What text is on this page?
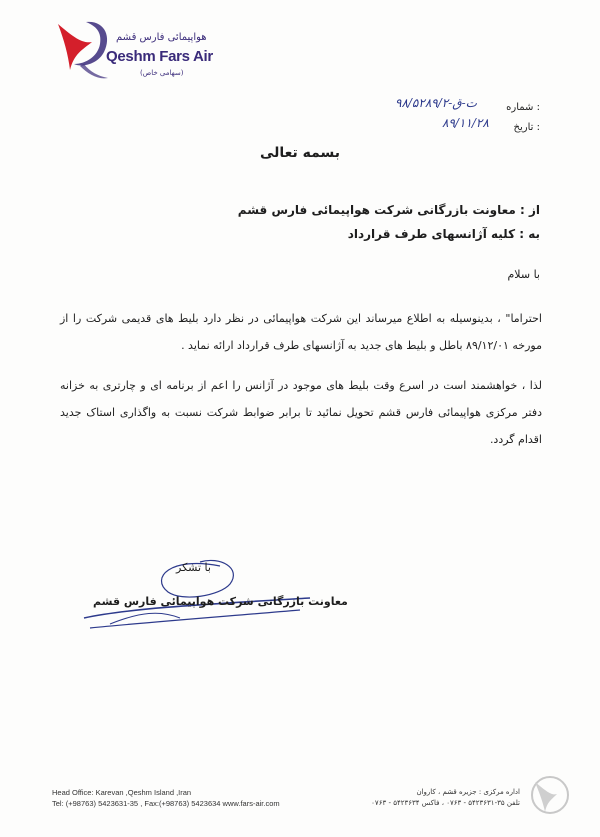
هواپیمائی فارس قشم
Qeshm Fars Air
(سهامی خاص)
شماره :
۹۸/۵۲۸۹/۲-ت-ق
تاریخ :
۸۹/۱۱/۲۸
بسمه تعالی
از : معاونت بازرگانی شرکت هواپیمائی فارس قشم
به : کلیه آژانسهای طرف قرارداد
با سلام
احتراما" ، بدینوسیله به اطلاع میرساند این شرکت هواپیمائی در نظر دارد بلیط های قدیمی شرکت را از مورخه ۸۹/۱۲/۰۱ باطل و بلیط های جدید به آژانسهای طرف قرارداد ارائه نماید .
لذا ، خواهشمند است در اسرع وقت بلیط های موجود در آژانس را اعم از برنامه ای و چارتری به خزانه دفتر مرکزی هواپیمائی فارس قشم تحویل نمائید تا برابر ضوابط شرکت نسبت به واگذاری استاک جدید اقدام گردد.
با تشکر
معاونت بازرگانی شرکت هواپیمائی فارس قشم
Head Office: Karevan ,Qeshm Island ,Iran
Tel: (+98763) 5423631-35 , Fax:(+98763) 5423634 www.fars-air.com
اداره مرکزی : جزیره قشم ، کاروان
تلفن ۳۵-۵۴۲۳۶۳۱ - ۰۷۶۳ ، فاکس ۵۴۲۳۶۳۴ - ۰۷۶۳
